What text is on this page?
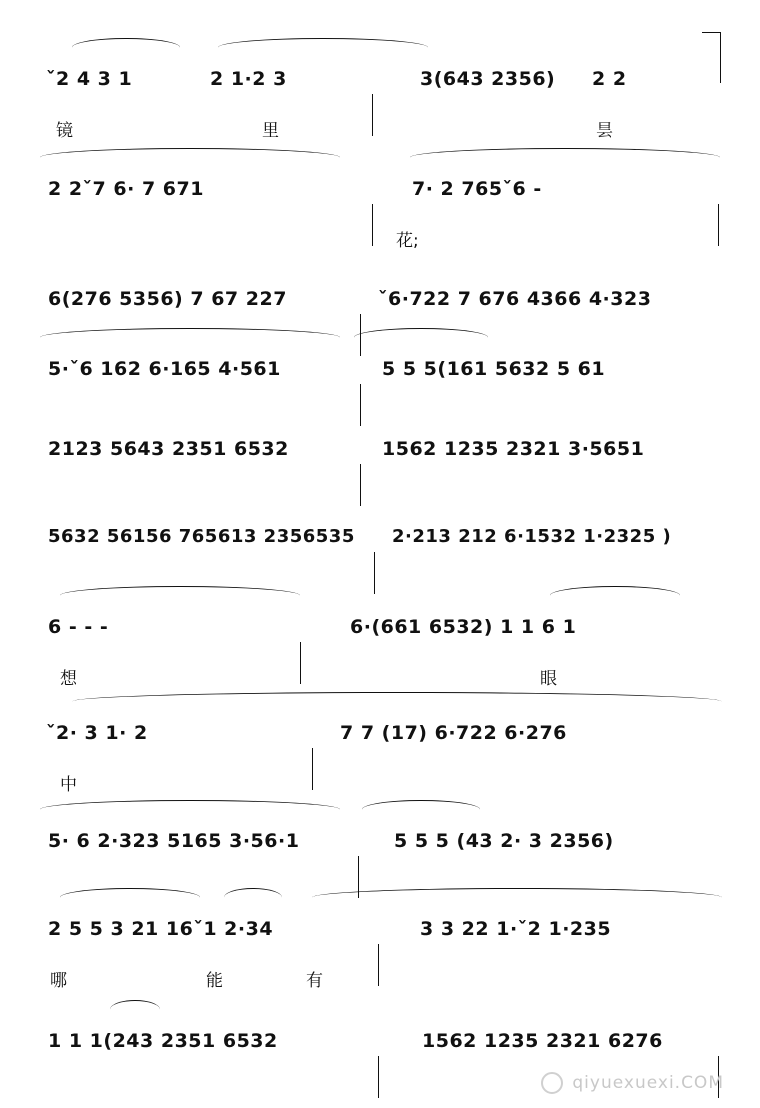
ˇ2 4 3 1	2 1·2 3	3(643 2356) 2 2
镜	里	昙
2 2ˇ7 6· 7 671	7· 2 765ˇ6 -
花;
6(276 5356) 7 67 227	ˇ6·722 7 676 4366 4·323
5·ˇ6 162 6·165 4·561	5 5 5(161 5632 5 61
2123 5643 2351 6532	1562 1235 2321 3·5651
5632 56156 765613 2356535 2·213 212 6·1532 1·2325 )
6 - - -	6·(661 6532) 1 1 6 1
想	眼
ˇ2· 3 1· 2	7 7 (17) 6·722 6·276
中
5· 6 2·323 5165 3·56·1	5 5 5 (43 2· 3 2356)
2 5 5 3 21 16ˇ1 2·34	3 3 22 1·ˇ2 1·235
哪	能	有
1 1 1(243 2351 6532	1562 1235 2321 6276
qiyuexuexi.COM
